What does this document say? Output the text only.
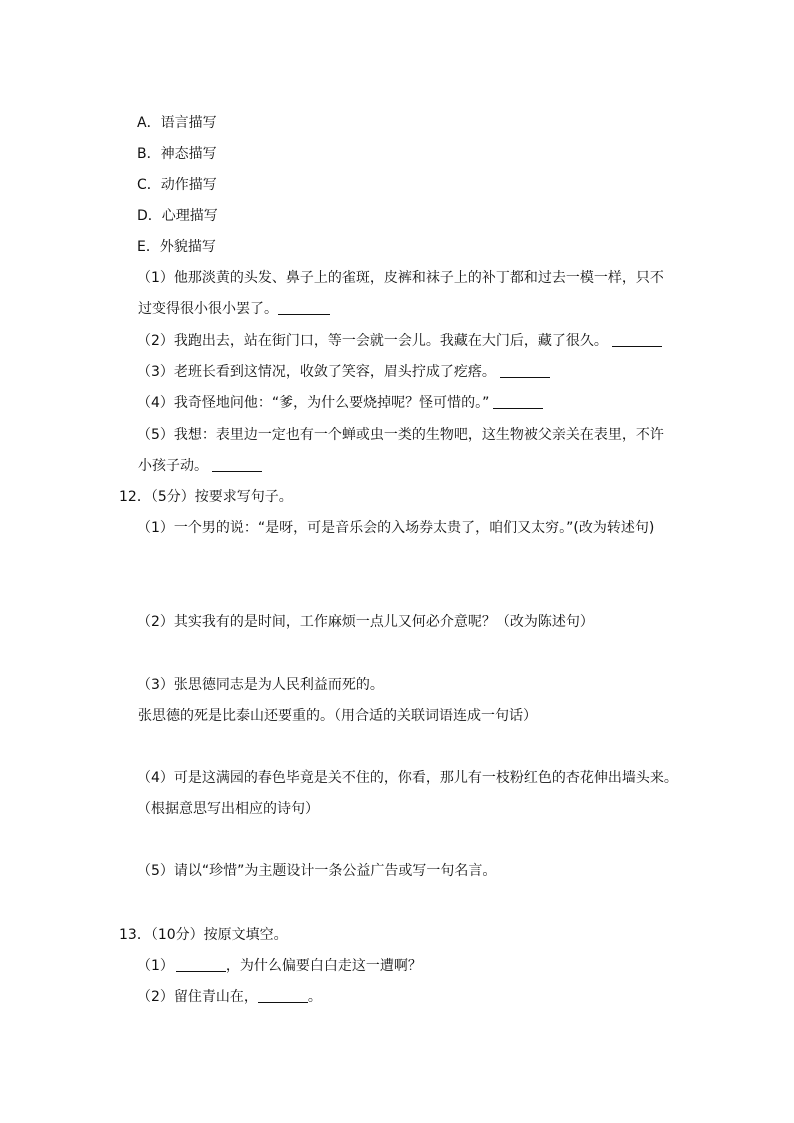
A．语言描写
B．神态描写
C．动作描写
D．心理描写
E．外貌描写
（1）他那淡黄的头发、鼻子上的雀斑，皮裤和袜子上的补丁都和过去一模一样，只不
过变得很小很小罢了。
（2）我跑出去，站在街门口，等一会就一会儿。我藏在大门后，藏了很久。
（3）老班长看到这情况，收敛了笑容，眉头拧成了疙瘩。
（4）我奇怪地问他：“爹，为什么要烧掉呢？怪可惜的。”
（5）我想：表里边一定也有一个蝉或虫一类的生物吧，这生物被父亲关在表里，不许
小孩子动。
12．（5分）按要求写句子。
（1）一个男的说：“是呀，可是音乐会的入场券太贵了，咱们又太穷。”(改为转述句)
（2）其实我有的是时间，工作麻烦一点儿又何必介意呢？（改为陈述句）
（3）张思德同志是为人民利益而死的。
张思德的死是比泰山还要重的。（用合适的关联词语连成一句话）
（4）可是这满园的春色毕竟是关不住的，你看，那儿有一枝粉红色的杏花伸出墙头来。
（根据意思写出相应的诗句）
（5）请以“珍惜”为主题设计一条公益广告或写一句名言。
13．（10分）按原文填空。
（1）	，为什么偏要白白走这一遭啊？
（2）留住青山在，	。
